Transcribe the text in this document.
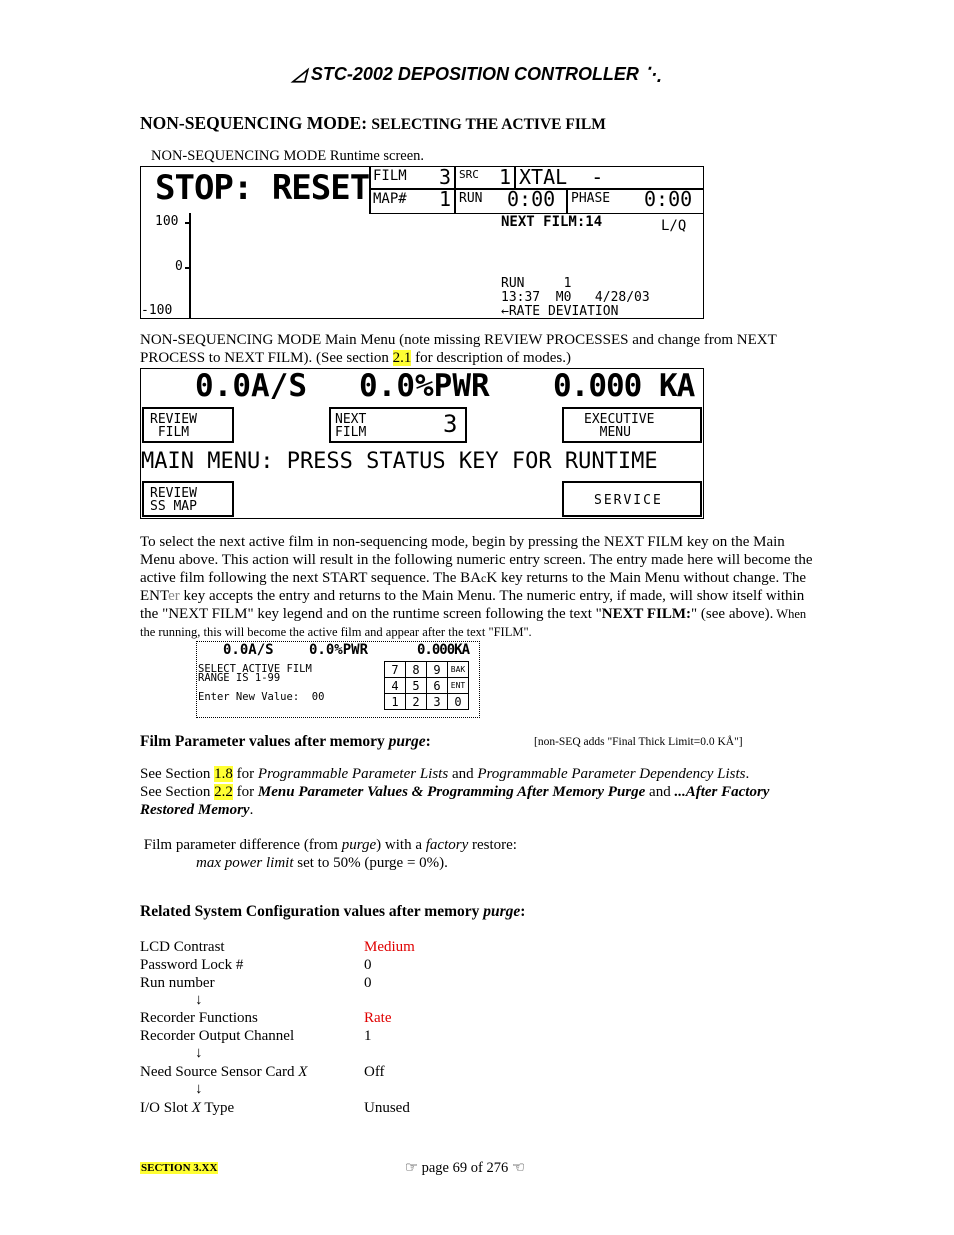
◿ STC-2002 DEPOSITION CONTROLLER ⋱
NON-SEQUENCING MODE: SELECTING THE ACTIVE FILM
NON-SEQUENCING MODE Runtime screen.
STOP: RESET FILM 3 SRC 1 XTAL  -
MAP# 1 RUN 0:00 PHASE 0:00
100
0
-100
NEXT FILM:14	L/Q
RUN     1
13:37  M0   4/28/03
←RATE DEVIATION
NON-SEQUENCING MODE Main Menu (note missing REVIEW PROCESSES and change from NEXT PROCESS to NEXT FILM). (See section 2.1 for description of modes.)
0.0A/S 0.0%PWR 0.000 KA
REVIEW
FILM
NEXT
FILM	3	EXECUTIVE
MENU
MAIN MENU: PRESS STATUS KEY FOR RUNTIME
REVIEW
SS MAP	SERVICE
To select the next active film in non-sequencing mode, begin by pressing the NEXT FILM key on the Main Menu above. This action will result in the following numeric entry screen. The entry made here will become the active film following the next START sequence. The BAcK key returns to the Main Menu without change. The ENTer key accepts the entry and returns to the Main Menu. The numeric entry, if made, will show itself within the "NEXT FILM" key legend and on the runtime screen following the text "NEXT FILM:" (see above). When the running, this will become the active film and appear after the text "FILM".
0.0A/S	0.0%PWR	0.000KA
SELECT ACTIVE FILM
RANGE IS 1-99
Enter New Value:  00
7	8	9	BAK
4	5	6	ENT
1	2	3	0
Film Parameter values after memory purge:	[non-SEQ adds "Final Thick Limit=0.0 KÅ"]
See Section 1.8 for Programmable Parameter Lists and Programmable Parameter Dependency Lists.
See Section 2.2 for Menu Parameter Values & Programming After Memory Purge and ...After Factory Restored Memory.
Film parameter difference (from purge) with a factory restore:
max power limit set to 50% (purge = 0%).
Related System Configuration values after memory purge:
LCD Contrast	Medium
Password Lock #	0
Run number	0
↓
Recorder Functions	Rate
Recorder Output Channel	1
↓
Need Source Sensor Card X	Off
↓
I/O Slot X Type	Unused
SECTION 3.XX	☞ page 69 of 276 ☜
